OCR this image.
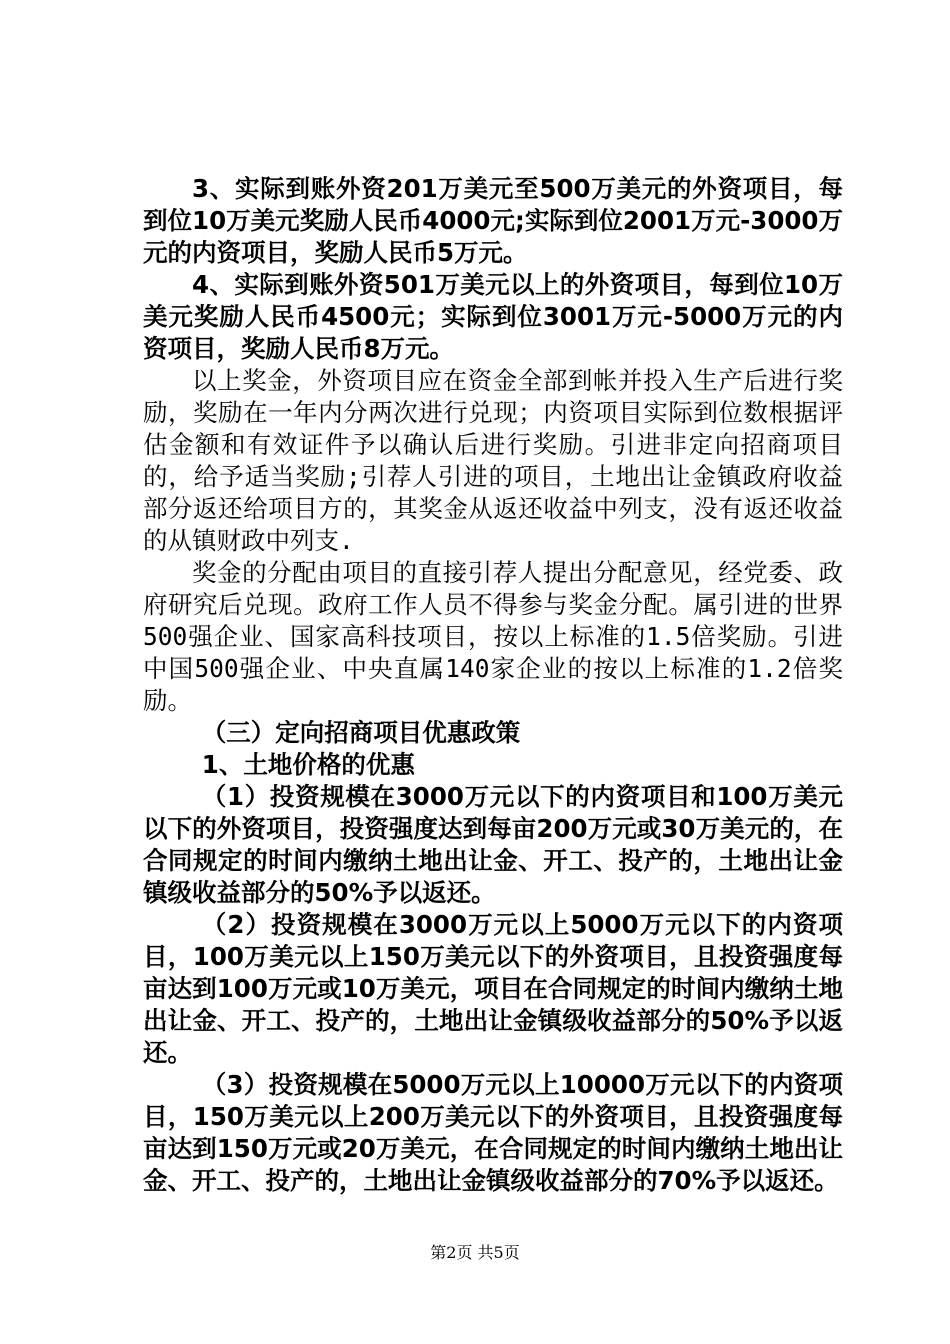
3、实际到账外资201万美元至500万美元的外资项目，每到位10万美元奖励人民币4000元;实际到位2001万元-3000万元的内资项目，奖励人民币5万元。

4、实际到账外资501万美元以上的外资项目，每到位10万美元奖励人民币4500元；实际到位3001万元-5000万元的内资项目，奖励人民币8万元。

以上奖金，外资项目应在资金全部到帐并投入生产后进行奖励，奖励在一年内分两次进行兑现；内资项目实际到位数根据评估金额和有效证件予以确认后进行奖励。引进非定向招商项目的，给予适当奖励;引荐人引进的项目，土地出让金镇政府收益部分返还给项目方的，其奖金从返还收益中列支，没有返还收益的从镇财政中列支.

奖金的分配由项目的直接引荐人提出分配意见，经党委、政府研究后兑现。政府工作人员不得参与奖金分配。属引进的世界500强企业、国家高科技项目，按以上标准的1.5倍奖励。引进中国500强企业、中央直属140家企业的按以上标准的1.2倍奖励。

（三）定向招商项目优惠政策

1、土地价格的优惠

（1）投资规模在3000万元以下的内资项目和100万美元以下的外资项目，投资强度达到每亩200万元或30万美元的，在合同规定的时间内缴纳土地出让金、开工、投产的，土地出让金镇级收益部分的50%予以返还。

（2）投资规模在3000万元以上5000万元以下的内资项目，100万美元以上150万美元以下的外资项目，且投资强度每亩达到100万元或10万美元，项目在合同规定的时间内缴纳土地出让金、开工、投产的，土地出让金镇级收益部分的50%予以返还。

（3）投资规模在5000万元以上10000万元以下的内资项目，150万美元以上200万美元以下的外资项目，且投资强度每亩达到150万元或20万美元，在合同规定的时间内缴纳土地出让金、开工、投产的，土地出让金镇级收益部分的70%予以返还。

第2页 共5页
